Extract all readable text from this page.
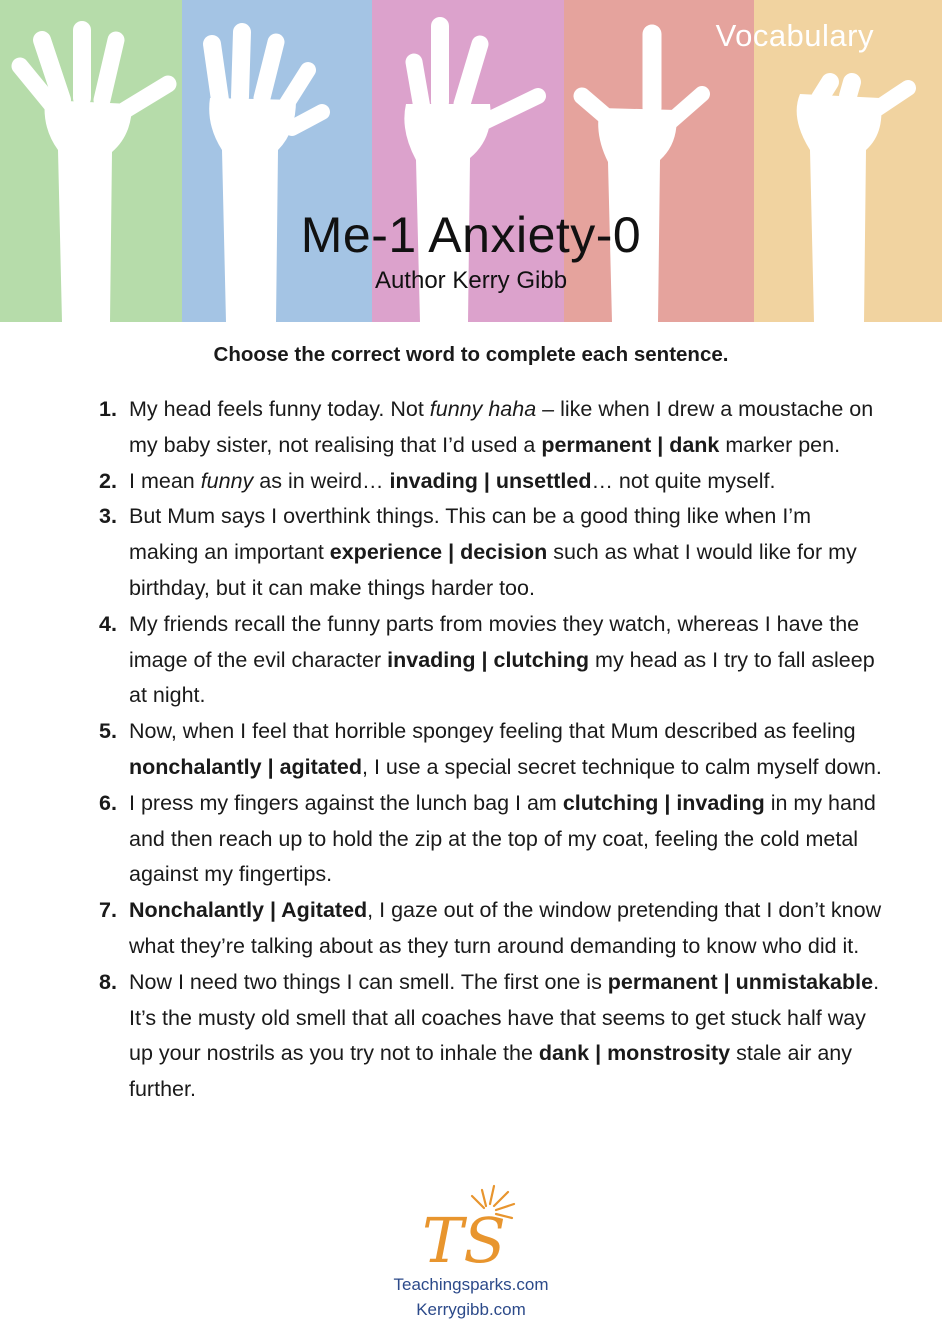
Vocabulary
Me-1 Anxiety-0
Author Kerry Gibb
Choose the correct word to complete each sentence.
1. My head feels funny today. Not funny haha – like when I drew a moustache on my baby sister, not realising that I’d used a permanent | dank marker pen.
2. I mean funny as in weird… invading | unsettled… not quite myself.
3. But Mum says I overthink things. This can be a good thing like when I’m making an important experience | decision such as what I would like for my birthday, but it can make things harder too.
4. My friends recall the funny parts from movies they watch, whereas I have the image of the evil character invading | clutching my head as I try to fall asleep at night.
5. Now, when I feel that horrible spongey feeling that Mum described as feeling nonchalantly | agitated, I use a special secret technique to calm myself down.
6. I press my fingers against the lunch bag I am clutching | invading in my hand and then reach up to hold the zip at the top of my coat, feeling the cold metal against my fingertips.
7. Nonchalantly | Agitated, I gaze out of the window pretending that I don’t know what they’re talking about as they turn around demanding to know who did it.
8. Now I need two things I can smell. The first one is permanent | unmistakable. It’s the musty old smell that all coaches have that seems to get stuck half way up your nostrils as you try not to inhale the dank | monstrosity stale air any further.
TS
Teachingsparks.com
Kerrygibb.com
